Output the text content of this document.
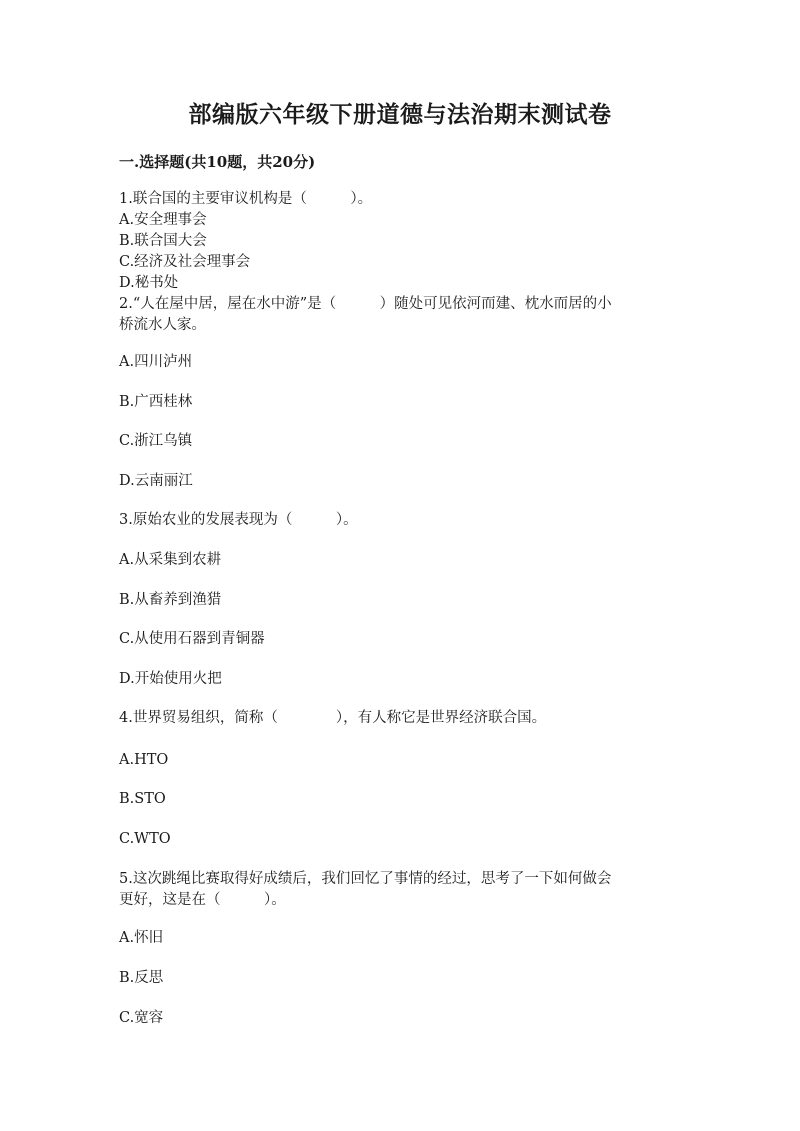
部编版六年级下册道德与法治期末测试卷
一.选择题(共10题，共20分)
1.联合国的主要审议机构是（　　　）。
A.安全理事会
B.联合国大会
C.经济及社会理事会
D.秘书处
2.“人在屋中居，屋在水中游”是（　　　）随处可见依河而建、枕水而居的小
桥流水人家。
A.四川泸州
B.广西桂林
C.浙江乌镇
D.云南丽江
3.原始农业的发展表现为（　　　）。
A.从采集到农耕
B.从畜养到渔猎
C.从使用石器到青铜器
D.开始使用火把
4.世界贸易组织，简称（　　　　），有人称它是世界经济联合国。
A.HTO
B.STO
C.WTO
5.这次跳绳比赛取得好成绩后，我们回忆了事情的经过，思考了一下如何做会
更好，这是在（　　　）。
A.怀旧
B.反思
C.宽容
